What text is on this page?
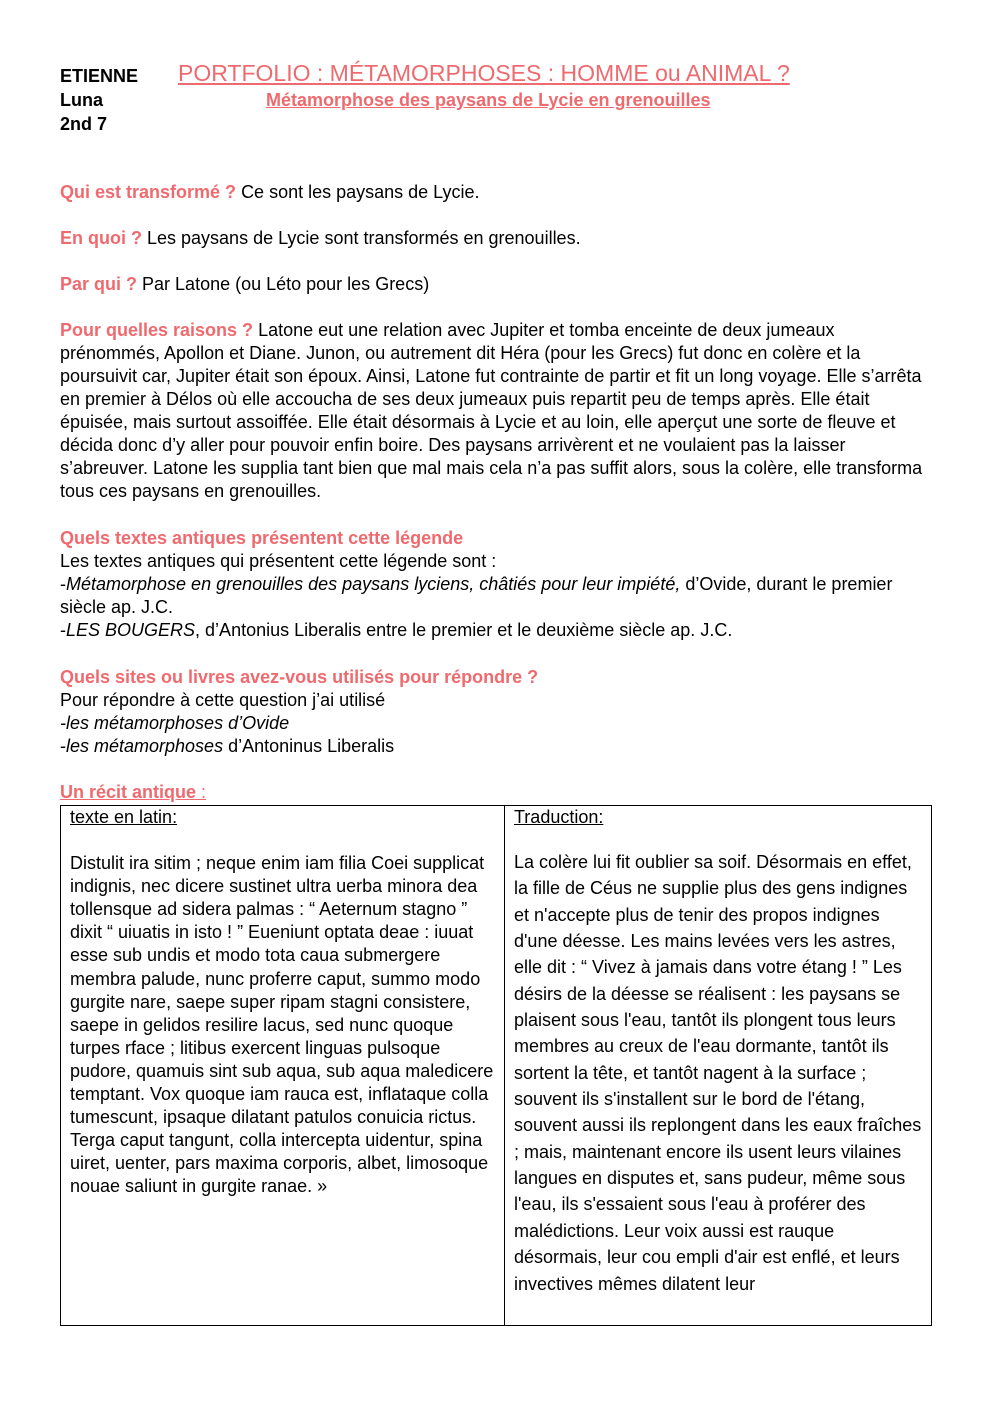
ETIENNE
Luna
2nd 7
PORTFOLIO : MÉTAMORPHOSES : HOMME ou ANIMAL ?
Métamorphose des paysans de Lycie en grenouilles
Qui est transformé ? Ce sont les paysans de Lycie.
En quoi ? Les paysans de Lycie sont transformés en grenouilles.
Par qui ? Par Latone (ou Léto pour les Grecs)
Pour quelles raisons ? Latone eut une relation avec Jupiter et tomba enceinte de deux jumeaux prénommés, Apollon et Diane. Junon, ou autrement dit Héra (pour les Grecs) fut donc en colère et la poursuivit car, Jupiter était son époux. Ainsi, Latone fut contrainte de partir et fit un long voyage. Elle s’arrêta en premier à Délos où elle accoucha de ses deux jumeaux puis repartit peu de temps après. Elle était épuisée, mais surtout assoiffée. Elle était désormais à Lycie et au loin, elle aperçut une sorte de fleuve et décida donc d’y aller pour pouvoir enfin boire. Des paysans arrivèrent et ne voulaient pas la laisser s’abreuver. Latone les supplia tant bien que mal mais cela n’a pas suffit alors, sous la colère, elle transforma tous ces paysans en grenouilles.
Quels textes antiques présentent cette légende
Les textes antiques qui présentent cette légende sont :
-Métamorphose en grenouilles des paysans lyciens, châtiés pour leur impiété, d’Ovide, durant le premier siècle ap. J.C.
-LES BOUGERS, d’Antonius Liberalis entre le premier et le deuxième siècle ap. J.C.
Quels sites ou livres avez-vous utilisés pour répondre ?
Pour répondre à cette question j’ai utilisé
-les métamorphoses d’Ovide
-les métamorphoses d’Antoninus Liberalis
Un récit antique :

texte en latin:

Distulit ira sitim ; neque enim iam filia Coei supplicat indignis, nec dicere sustinet ultra uerba minora dea tollensque ad sidera palmas : “ Aeternum stagno ” dixit “ uiuatis in isto ! ” Eueniunt optata deae : iuuat esse sub undis et modo tota caua submergere membra palude, nunc proferre caput, summo modo gurgite nare, saepe super ripam stagni consistere, saepe in gelidos resilire lacus, sed nunc quoque turpes rface ; litibus exercent linguas pulsoque pudore, quamuis sint sub aqua, sub aqua maledicere temptant. Vox quoque iam rauca est, inflataque colla tumescunt, ipsaque dilatant patulos conuicia rictus. Terga caput tangunt, colla intercepta uidentur, spina uiret, uenter, pars maxima corporis, albet, limosoque nouae saliunt in gurgite ranae. »

Traduction:

La colère lui fit oublier sa soif. Désormais en effet, la fille de Céus ne supplie plus des gens indignes et n'accepte plus de tenir des propos indignes d'une déesse. Les mains levées vers les astres, elle dit : “ Vivez à jamais dans votre étang ! ” Les désirs de la déesse se réalisent : les paysans se plaisent sous l'eau, tantôt ils plongent tous leurs membres au creux de l'eau dormante, tantôt ils sortent la tête, et tantôt nagent à la surface ; souvent ils s'installent sur le bord de l'étang, souvent aussi ils replongent dans les eaux fraîches ; mais, maintenant encore ils usent leurs vilaines langues en disputes et, sans pudeur, même sous l'eau, ils s'essaient sous l'eau à proférer des malédictions. Leur voix aussi est rauque désormais, leur cou empli d'air est enflé, et leurs invectives mêmes dilatent leur
